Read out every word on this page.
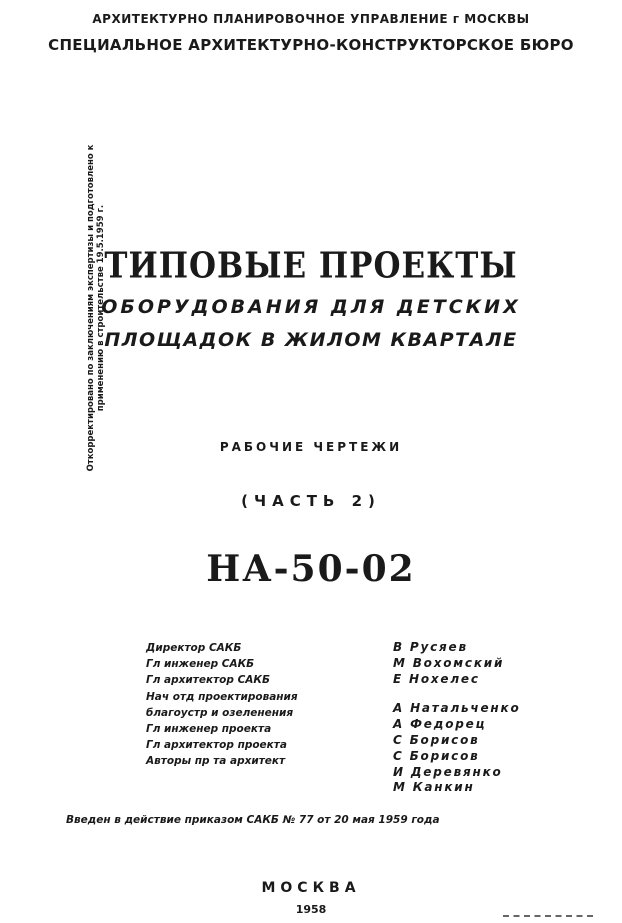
АРХИТЕКТУРНО ПЛАНИРОВОЧНОЕ УПРАВЛЕНИЕ г МОСКВЫ
СПЕЦИАЛЬНОЕ АРХИТЕКТУРНО-КОНСТРУКТОРСКОЕ БЮРО
Откорректировано по заключениям экспертизы и подготовлено к применению в строительстве 19.5.1959 г.
ТИПОВЫЕ ПРОЕКТЫ
ОБОРУДОВАНИЯ ДЛЯ ДЕТСКИХ
ПЛОЩАДОК В ЖИЛОМ КВАРТАЛЕ
РАБОЧИЕ ЧЕРТЕЖИ
(ЧАСТЬ 2)
НА-50-02
Директор САКБ
Гл инженер САКБ
Гл архитектор САКБ
Нач отд проектирования
благоустр и озеленения
Гл инженер проекта
Гл архитектор проекта
Авторы пр та архитект
В Русяев
М Вохомский
Е Нохелес
А Натальченко
А Федорец
С Борисов
С Борисов
И Деревянко
М Канкин
Введен в действие приказом САКБ № 77 от 20 мая 1959 года
МОСКВА
1958
